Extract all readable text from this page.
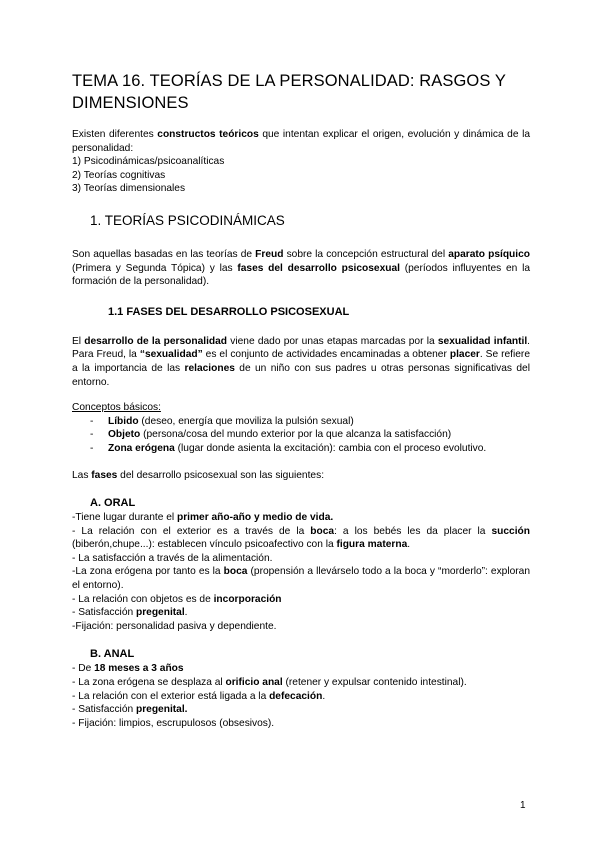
TEMA 16. TEORÍAS DE LA PERSONALIDAD: RASGOS Y DIMENSIONES

Existen diferentes constructos teóricos que intentan explicar el origen, evolución y dinámica de la personalidad:

1) Psicodinámicas/psicoanalíticas
2) Teorías cognitivas
3) Teorías dimensionales
1. TEORÍAS PSICODINÁMICAS

Son aquellas basadas en las teorías de Freud sobre la concepción estructural del aparato psíquico (Primera y Segunda Tópica) y las fases del desarrollo psicosexual (períodos influyentes en la formación de la personalidad).

1.1 FASES DEL DESARROLLO PSICOSEXUAL

El desarrollo de la personalidad viene dado por unas etapas marcadas por la sexualidad infantil. Para Freud, la “sexualidad” es el conjunto de actividades encaminadas a obtener placer. Se refiere a la importancia de las relaciones de un niño con sus padres u otras personas significativas del entorno.

Conceptos básicos:
- Líbido (deseo, energía que moviliza la pulsión sexual)
- Objeto (persona/cosa del mundo exterior por la que alcanza la satisfacción)
- Zona erógena (lugar donde asienta la excitación): cambia con el proceso evolutivo.

Las fases del desarrollo psicosexual son las siguientes:

A. ORAL
-Tiene lugar durante el primer año-año y medio de vida.

- La relación con el exterior es a través de la boca: a los bebés les da placer la succión (biberón,chupe...): establecen vínculo psicoafectivo con la figura materna.

- La satisfacción a través de la alimentación.

-La zona erógena por tanto es la boca (propensión a llevárselo todo a la boca y “morderlo”: exploran el entorno).

- La relación con objetos es de incorporación
- Satisfacción pregenital.
-Fijación: personalidad pasiva y dependiente.
B. ANAL
- De 18 meses a 3 años
- La zona erógena se desplaza al orificio anal (retener y expulsar contenido intestinal).
- La relación con el exterior está ligada a la defecación.
- Satisfacción pregenital.
- Fijación: limpios, escrupulosos (obsesivos).
1
